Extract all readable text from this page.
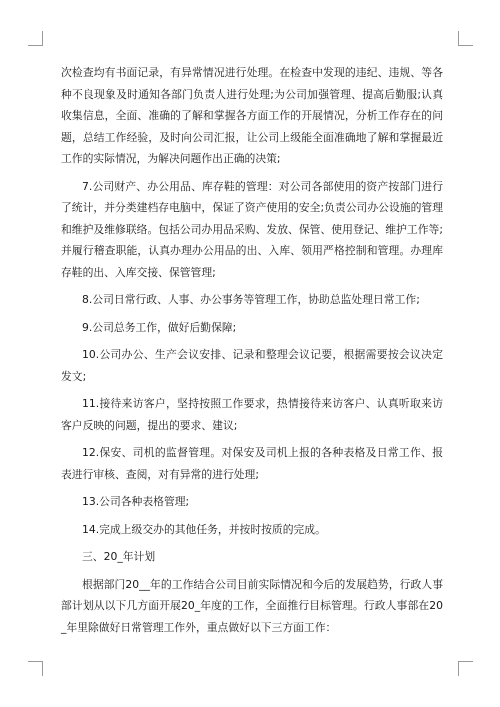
次检查均有书面记录，有异常情况进行处理。在检查中发现的违纪、违规、等各种不良现象及时通知各部门负责人进行处理;为公司加强管理、提高后勤服;认真收集信息，全面、准确的了解和掌握各方面工作的开展情况，分析工作存在的问题，总结工作经验，及时向公司汇报，让公司上级能全面准确地了解和掌握最近工作的实际情况，为解决问题作出正确的决策;

7.公司财产、办公用品、库存鞋的管理：对公司各部使用的资产按部门进行了统计，并分类建档存电脑中，保证了资产使用的安全;负责公司办公设施的管理和维护及维修联络。包括公司办用品采购、发放、保管、使用登记、维护工作等;并履行稽查职能，认真办理办公用品的出、入库、领用严格控制和管理。办理库存鞋的出、入库交接、保管管理;

8.公司日常行政、人事、办公事务等管理工作，协助总监处理日常工作;

9.公司总务工作，做好后勤保障;

10.公司办公、生产会议安排、记录和整理会议记要，根据需要按会议决定发文;

11.接待来访客户，坚持按照工作要求，热情接待来访客户、认真听取来访客户反映的问题，提出的要求、建议;

12.保安、司机的监督管理。对保安及司机上报的各种表格及日常工作、报表进行审核、查阅，对有异常的进行处理;

13.公司各种表格管理;

14.完成上级交办的其他任务，并按时按质的完成。

三、20_年计划

根据部门20__年的工作结合公司目前实际情况和今后的发展趋势，行政人事部计划从以下几方面开展20_年度的工作，全面推行目标管理。行政人事部在20_年里除做好日常管理工作外，重点做好以下三方面工作：
